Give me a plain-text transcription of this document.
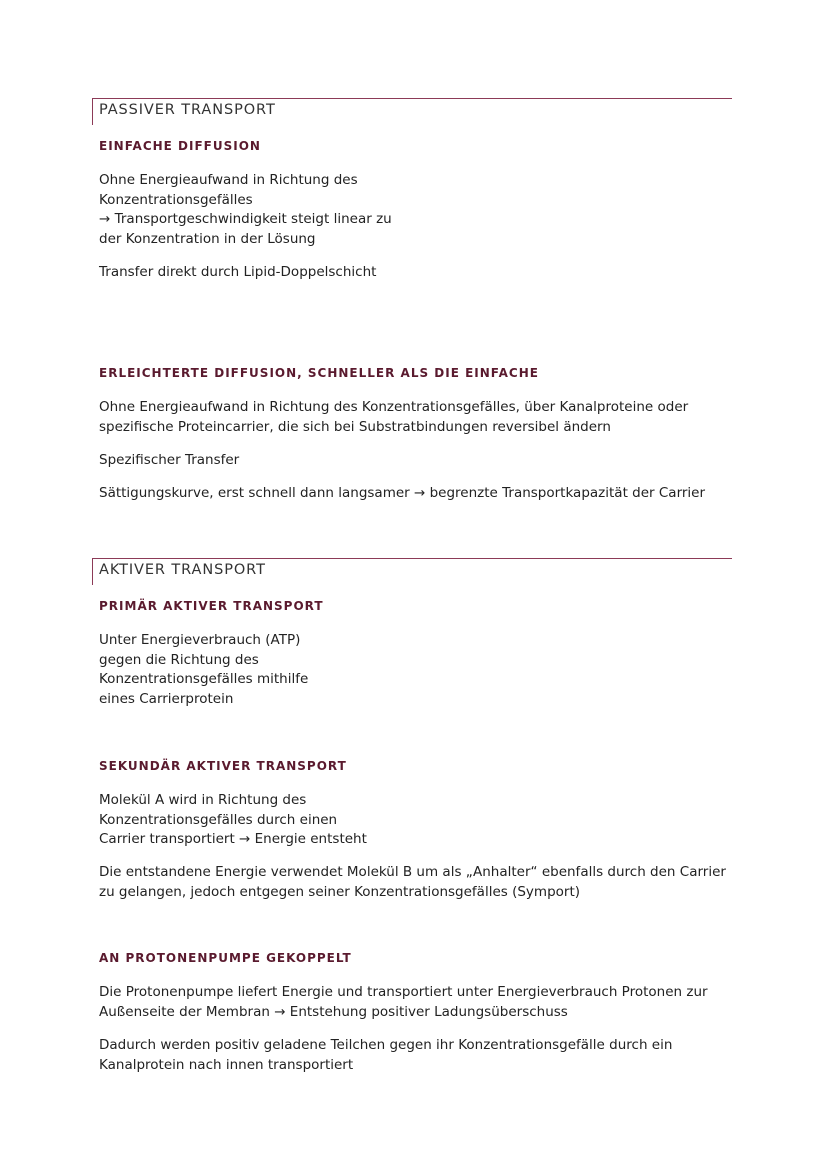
PASSIVER TRANSPORT
EINFACHE DIFFUSION

Ohne Energieaufwand in Richtung des
Konzentrationsgefälles
→ Transportgeschwindigkeit steigt linear zu
der Konzentration in der Lösung

Transfer direkt durch Lipid-Doppelschicht

ERLEICHTERTE DIFFUSION, SCHNELLER ALS DIE EINFACHE

Ohne Energieaufwand in Richtung des Konzentrationsgefälles, über Kanalproteine oder
spezifische Proteincarrier, die sich bei Substratbindungen reversibel ändern

Spezifischer Transfer

Sättigungskurve, erst schnell dann langsamer → begrenzte Transportkapazität der Carrier

AKTIVER TRANSPORT
PRIMÄR AKTIVER TRANSPORT

Unter Energieverbrauch (ATP)
gegen die Richtung des
Konzentrationsgefälles mithilfe
eines Carrierprotein

SEKUNDÄR AKTIVER TRANSPORT

Molekül A wird in Richtung des
Konzentrationsgefälles durch einen
Carrier transportiert → Energie entsteht

Die entstandene Energie verwendet Molekül B um als „Anhalter“ ebenfalls durch den Carrier
zu gelangen, jedoch entgegen seiner Konzentrationsgefälles (Symport)

AN PROTONENPUMPE GEKOPPELT

Die Protonenpumpe liefert Energie und transportiert unter Energieverbrauch Protonen zur
Außenseite der Membran → Entstehung positiver Ladungsüberschuss

Dadurch werden positiv geladene Teilchen gegen ihr Konzentrationsgefälle durch ein
Kanalprotein nach innen transportiert
